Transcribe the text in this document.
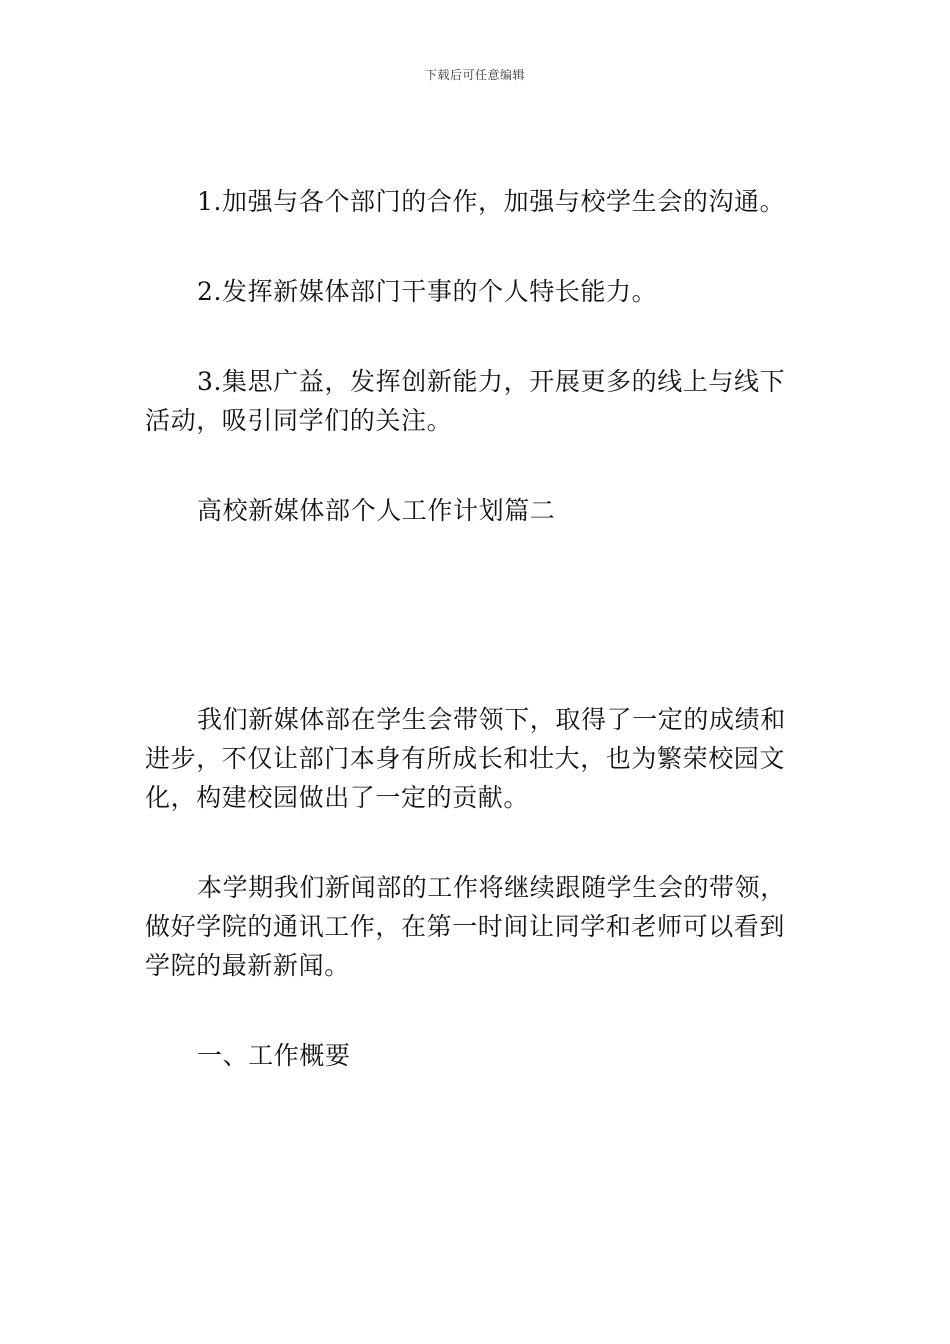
下载后可任意编辑

1.加强与各个部门的合作，加强与校学生会的沟通。

2.发挥新媒体部门干事的个人特长能力。

3.集思广益，发挥创新能力，开展更多的线上与线下活动，吸引同学们的关注。

高校新媒体部个人工作计划篇二

我们新媒体部在学生会带领下，取得了一定的成绩和进步，不仅让部门本身有所成长和壮大，也为繁荣校园文化，构建校园做出了一定的贡献。

本学期我们新闻部的工作将继续跟随学生会的带领，做好学院的通讯工作，在第一时间让同学和老师可以看到学院的最新新闻。

一、工作概要
